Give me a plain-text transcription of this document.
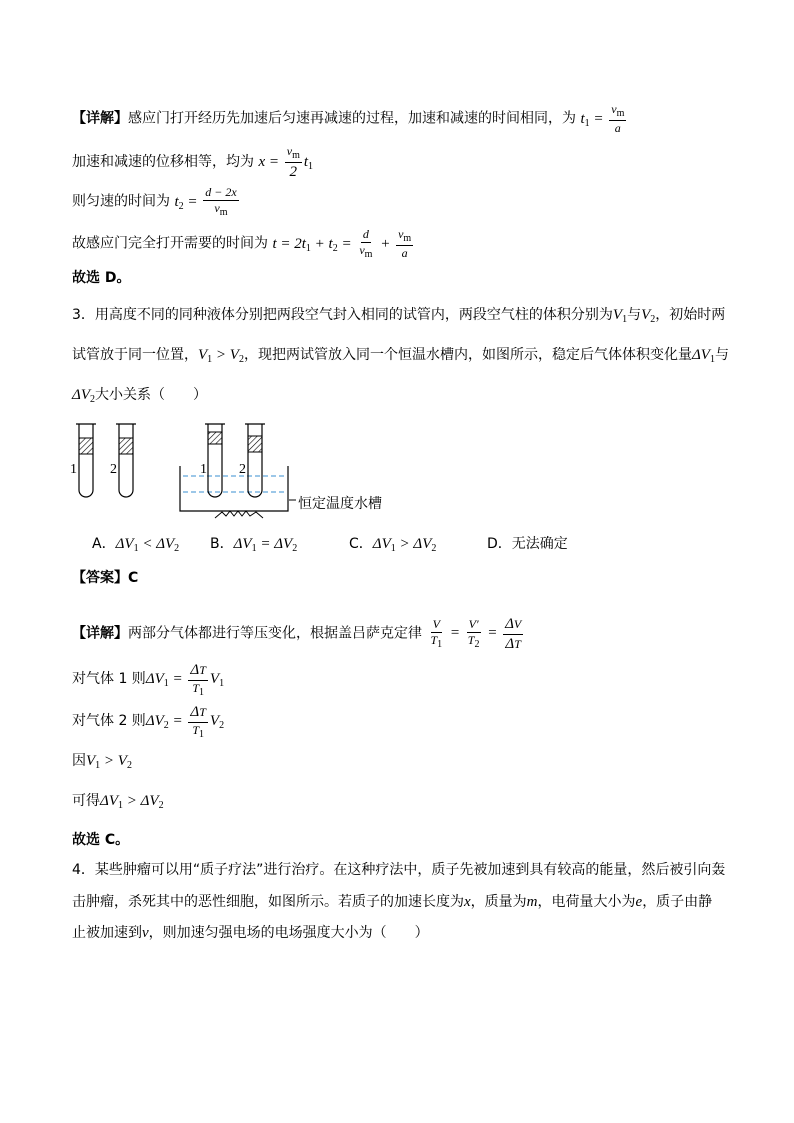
【详解】感应门打开经历先加速后匀速再减速的过程，加速和减速的时间相同，为 $t_1 = \frac{v_m}{a}$
加速和减速的位移相等，均为 $x = \frac{v_m}{2} t_1$
则匀速的时间为 $t_2 = \frac{d - 2x}{v_m}$
故感应门完全打开需要的时间为 $t = 2t_1 + t_2 = \frac{d}{v_m} + \frac{v_m}{a}$
故选 D。
3．用高度不同的同种液体分别把两段空气封入相同的试管内，两段空气柱的体积分别为$V_1$与$V_2$，初始时两
试管放于同一位置，$V_1 > V_2$，现把两试管放入同一个恒温水槽内，如图所示，稳定后气体体积变化量$\Delta V_1$与
$\Delta V_2$大小关系（　　）
1 2	1 2
恒定温度水槽
A．$\Delta V_1 < \Delta V_2$ B．$\Delta V_1 = \Delta V_2$	C．$\Delta V_1 > \Delta V_2$	D．无法确定
【答案】C
【详解】两部分气体都进行等压变化，根据盖吕萨克定律 $\frac{V}{T_1} = \frac{V'}{T_2} = \frac{\Delta V}{\Delta T}$
对气体 1 则$\Delta V_1 = \frac{\Delta T}{T_1} V_1$
对气体 2 则$\Delta V_2 = \frac{\Delta T}{T_1} V_2$
因$V_1 > V_2$
可得$\Delta V_1 > \Delta V_2$
故选 C。
4．某些肿瘤可以用“质子疗法”进行治疗。在这种疗法中，质子先被加速到具有较高的能量，然后被引向轰
击肿瘤，杀死其中的恶性细胞，如图所示。若质子的加速长度为x，质量为m，电荷量大小为e，质子由静
止被加速到v，则加速匀强电场的电场强度大小为（　　）
